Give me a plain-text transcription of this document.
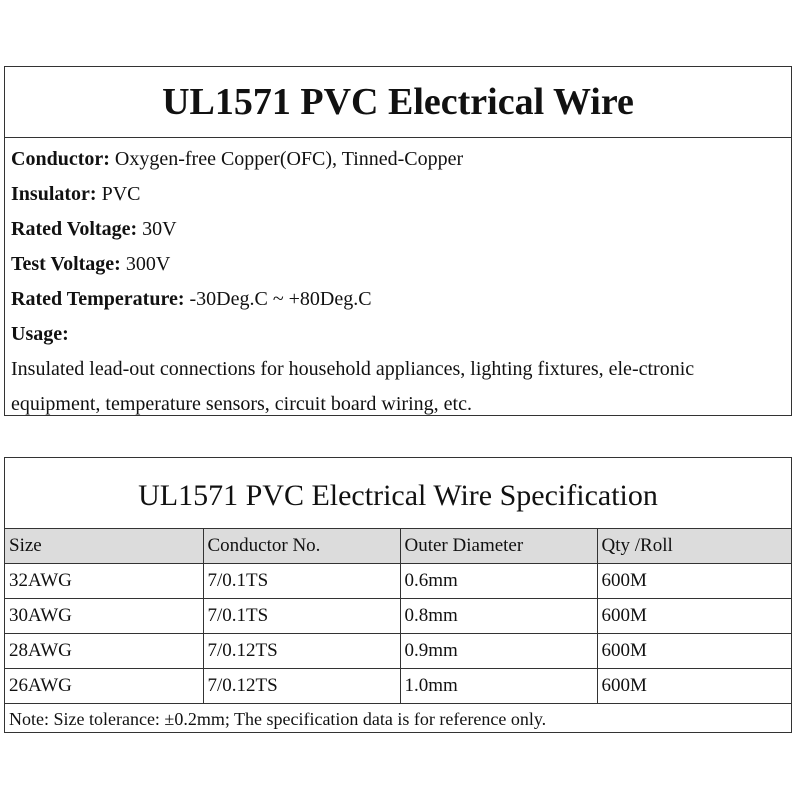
UL1571 PVC Electrical Wire
Conductor: Oxygen-free Copper(OFC), Tinned-Copper
Insulator: PVC
Rated Voltage: 30V
Test Voltage: 300V
Rated Temperature: -30Deg.C ~ +80Deg.C
Usage:
Insulated lead-out connections for household appliances, lighting fixtures, ele-ctronic equipment, temperature sensors, circuit board wiring, etc.
UL1571 PVC Electrical Wire Specification
Size	Conductor No.	Outer Diameter	Qty /Roll
32AWG	7/0.1TS	0.6mm	600M
30AWG	7/0.1TS	0.8mm	600M
28AWG	7/0.12TS	0.9mm	600M
26AWG	7/0.12TS	1.0mm	600M
Note: Size tolerance: ±0.2mm; The specification data is for reference only.
